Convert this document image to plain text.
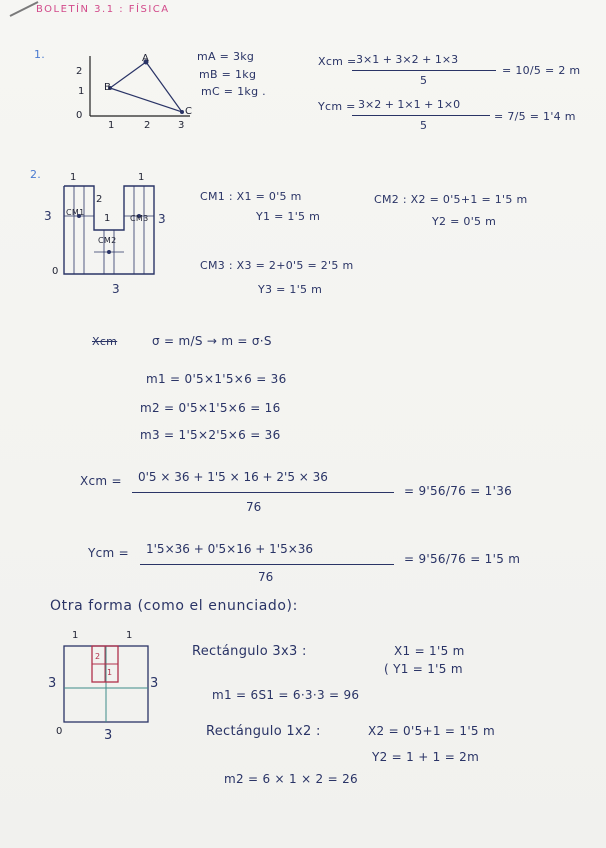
BOLETÍN 3.1 : FÍSICA
1.	A
B
C
2
1
0
1	2	3
mA = 3kg
mB = 1kg
mC = 1kg .
Xcm = 3×1 + 3×2 + 1×3
5
= 10/5 = 2 m
Ycm = 3×2 + 1×1 + 1×0
5
= 7/5 = 1'4 m
2.	1	1
2
1
3	3
3
0
CM1
CM2
CM3
CM1 : X1 = 0'5 m
Y1 = 1'5 m
CM2 : X2 = 0'5+1 = 1'5 m
Y2 = 0'5 m
CM3 : X3 = 2+0'5 = 2'5 m
Y3 = 1'5 m
Xcm	σ = m/S → m = σ·S
m1 = 0'5×1'5×6 = 36
m2 = 0'5×1'5×6 = 16
m3 = 1'5×2'5×6 = 36
Xcm = 0'5 × 36 + 1'5 × 16 + 2'5 × 36
76
= 9'56/76 = 1'36
Ycm = 1'5×36 + 0'5×16 + 1'5×36
76
= 9'56/76 = 1'5 m
Otra forma (como el enunciado):
1	1
3	3
3
0
2
1
Rectángulo 3x3 :	X1 = 1'5 m
( Y1 = 1'5 m
m1 = 6S1 = 6·3·3 = 96
Rectángulo 1x2 :	X2 = 0'5+1 = 1'5 m
Y2 = 1 + 1 = 2m
m2 = 6 × 1 × 2 = 26
